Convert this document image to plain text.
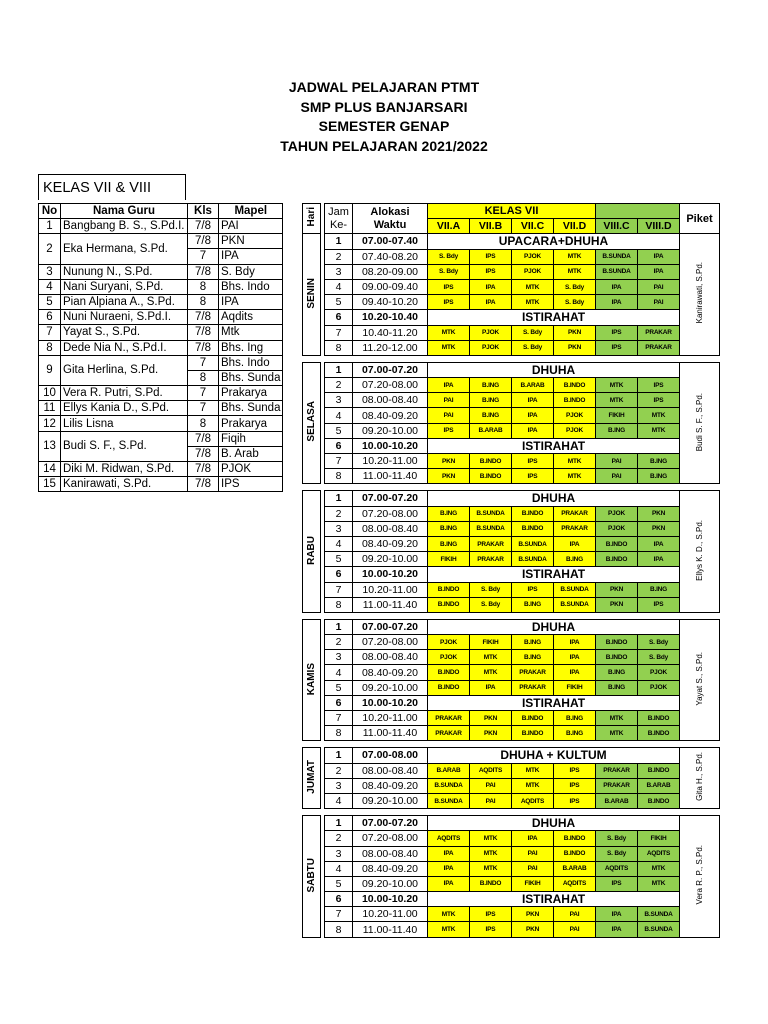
JADWAL PELAJARAN PTMT
SMP PLUS BANJARSARI
SEMESTER GENAP
TAHUN PELAJARAN 2021/2022
KELAS VII & VIII
No	Nama Guru	Kls	Mapel
1	Bangbang B. S., S.Pd.I.	7/8	PAI
2	Eka Hermana, S.Pd.	7/8	PKN
		7	IPA
3	Nunung N., S.Pd.	7/8	S. Bdy
4	Nani Suryani, S.Pd.	8	Bhs. Indo
5	Pian Alpiana A., S.Pd.	8	IPA
6	Nuni Nuraeni, S.Pd.I.	7/8	Aqdits
7	Yayat S., S.Pd.	7/8	Mtk
8	Dede Nia N., S.Pd.I.	7/8	Bhs. Ing
9	Gita Herlina, S.Pd.	7	Bhs. Indo
		8	Bhs. Sunda
10	Vera R. Putri, S.Pd.	7	Prakarya
11	Ellys Kania D., S.Pd.	7	Bhs. Sunda
12	Lilis Lisna	8	Prakarya
13	Budi S. F., S.Pd.	7/8	Fiqih
		7/8	B. Arab
14	Diki M. Ridwan, S.Pd.	7/8	PJOK
15	Kanirawati, S.Pd.	7/8	IPS
Hari		Jam Ke-	Alokasi Waktu	KELAS VII						Piket
				VII.A	VII.B	VII.C	VII.D	VIII.C	VIII.D	
SENIN		1	07.00-07.40	UPACARA+DHUHA						Kanirawati, S.Pd.
		2	07.40-08.20	S. Bdy	IPS	PJOK	MTK	B.SUNDA	IPA	
		3	08.20-09.00	S. Bdy	IPS	PJOK	MTK	B.SUNDA	IPA	
		4	09.00-09.40	IPS	IPA	MTK	S. Bdy	IPA	PAI	
		5	09.40-10.20	IPS	IPA	MTK	S. Bdy	IPA	PAI	
		6	10.20-10.40	ISTIRAHAT						
		7	10.40-11.20	MTK	PJOK	S. Bdy	PKN	IPS	PRAKAR	
		8	11.20-12.00	MTK	PJOK	S. Bdy	PKN	IPS	PRAKAR	

SELASA		1	07.00-07.20	DHUHA						Budi S. F., S.Pd.
		2	07.20-08.00	IPA	B.ING	B.ARAB	B.INDO	MTK	IPS	
		3	08.00-08.40	PAI	B.ING	IPA	B.INDO	MTK	IPS	
		4	08.40-09.20	PAI	B.ING	IPA	PJOK	FIKIH	MTK	
		5	09.20-10.00	IPS	B.ARAB	IPA	PJOK	B.ING	MTK	
		6	10.00-10.20	ISTIRAHAT						
		7	10.20-11.00	PKN	B.INDO	IPS	MTK	PAI	B.ING	
		8	11.00-11.40	PKN	B.INDO	IPS	MTK	PAI	B.ING	

RABU		1	07.00-07.20	DHUHA						Ellys K. D., S.Pd.
		2	07.20-08.00	B.ING	B.SUNDA	B.INDO	PRAKAR	PJOK	PKN	
		3	08.00-08.40	B.ING	B.SUNDA	B.INDO	PRAKAR	PJOK	PKN	
		4	08.40-09.20	B.ING	PRAKAR	B.SUNDA	IPA	B.INDO	IPA	
		5	09.20-10.00	FIKIH	PRAKAR	B.SUNDA	B.ING	B.INDO	IPA	
		6	10.00-10.20	ISTIRAHAT						
		7	10.20-11.00	B.INDO	S. Bdy	IPS	B.SUNDA	PKN	B.ING	
		8	11.00-11.40	B.INDO	S. Bdy	B.ING	B.SUNDA	PKN	IPS	

KAMIS		1	07.00-07.20	DHUHA						Yayat S., S.Pd.
		2	07.20-08.00	PJOK	FIKIH	B.ING	IPA	B.INDO	S. Bdy	
		3	08.00-08.40	PJOK	MTK	B.ING	IPA	B.INDO	S. Bdy	
		4	08.40-09.20	B.INDO	MTK	PRAKAR	IPA	B.ING	PJOK	
		5	09.20-10.00	B.INDO	IPA	PRAKAR	FIKIH	B.ING	PJOK	
		6	10.00-10.20	ISTIRAHAT						
		7	10.20-11.00	PRAKAR	PKN	B.INDO	B.ING	MTK	B.INDO	
		8	11.00-11.40	PRAKAR	PKN	B.INDO	B.ING	MTK	B.INDO	

JUMAT		1	07.00-08.00	DHUHA + KULTUM						Gita H., S.Pd.
		2	08.00-08.40	B.ARAB	AQDITS	MTK	IPS	PRAKAR	B.INDO	
		3	08.40-09.20	B.SUNDA	PAI	MTK	IPS	PRAKAR	B.ARAB	
		4	09.20-10.00	B.SUNDA	PAI	AQDITS	IPS	B.ARAB	B.INDO	

SABTU		1	07.00-07.20	DHUHA						Vera R. P., S.Pd.
		2	07.20-08.00	AQDITS	MTK	IPA	B.INDO	S. Bdy	FIKIH	
		3	08.00-08.40	IPA	MTK	PAI	B.INDO	S. Bdy	AQDITS	
		4	08.40-09.20	IPA	MTK	PAI	B.ARAB	AQDITS	MTK	
		5	09.20-10.00	IPA	B.INDO	FIKIH	AQDITS	IPS	MTK	
		6	10.00-10.20	ISTIRAHAT						
		7	10.20-11.00	MTK	IPS	PKN	PAI	IPA	B.SUNDA	
		8	11.00-11.40	MTK	IPS	PKN	PAI	IPA	B.SUNDA	
